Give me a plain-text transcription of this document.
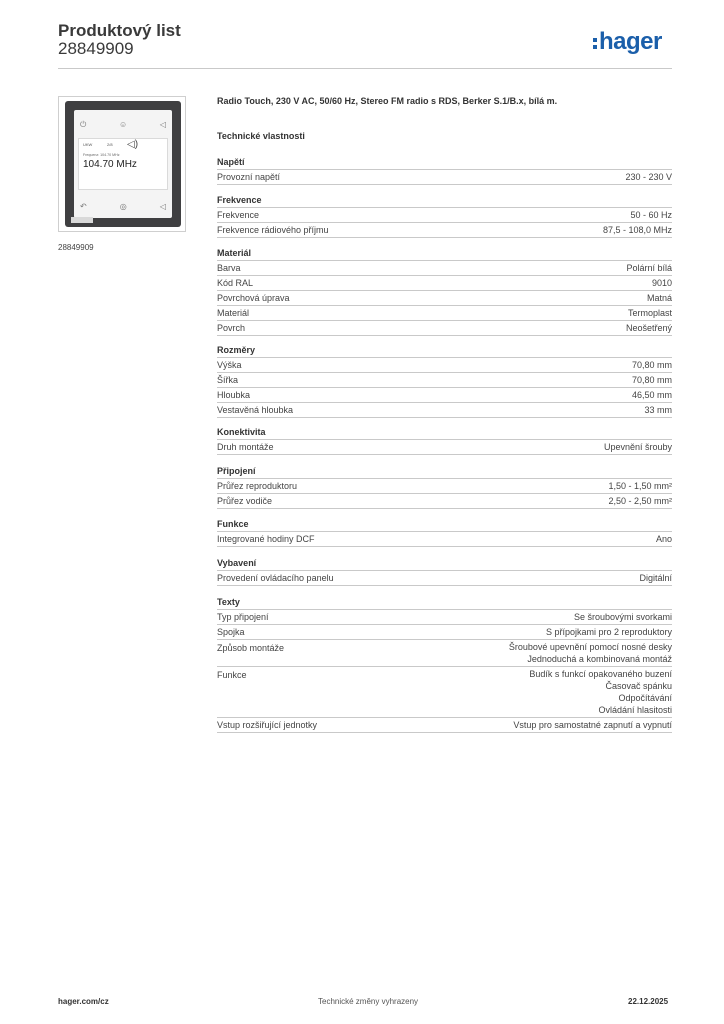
Produktový list
28849909	hager
⏻	☺	◁
UKW	2/8 ◁)
Frequenz: 104.70 MHz
104.70 MHz
↶	◎	◁
28849909
Radio Touch, 230 V AC, 50/60 Hz, Stereo FM radio s RDS, Berker S.1/B.x, bílá m.
Technické vlastnosti
Napětí
Provozní napětí	230 - 230 V
Frekvence
Frekvence	50 - 60 Hz
Frekvence rádiového příjmu	87,5 - 108,0 MHz
Materiál
Barva	Polární bílá
Kód RAL	9010
Povrchová úprava	Matná
Materiál	Termoplast
Povrch	Neošetřený
Rozměry
Výška	70,80 mm
Šířka	70,80 mm
Hloubka	46,50 mm
Vestavěná hloubka	33 mm
Konektivita
Druh montáže	Upevnění šrouby
Připojení
Průřez reproduktoru	1,50 - 1,50 mm²
Průřez vodiče	2,50 - 2,50 mm²
Funkce
Integrované hodiny DCF	Ano
Vybavení
Provedení ovládacího panelu	Digitální
Texty
Typ připojení	Se šroubovými svorkami
Spojka	S přípojkami pro 2 reproduktory
Způsob montáže	Šroubové upevnění pomocí nosné desky
Jednoduchá a kombinovaná montáž
Funkce	Budík s funkcí opakovaného buzení
Časovač spánku
Odpočítávání
Ovládání hlasitosti
Vstup rozšiřující jednotky	Vstup pro samostatné zapnutí a vypnutí
hager.com/cz	Technické změny vyhrazeny	22.12.2025
